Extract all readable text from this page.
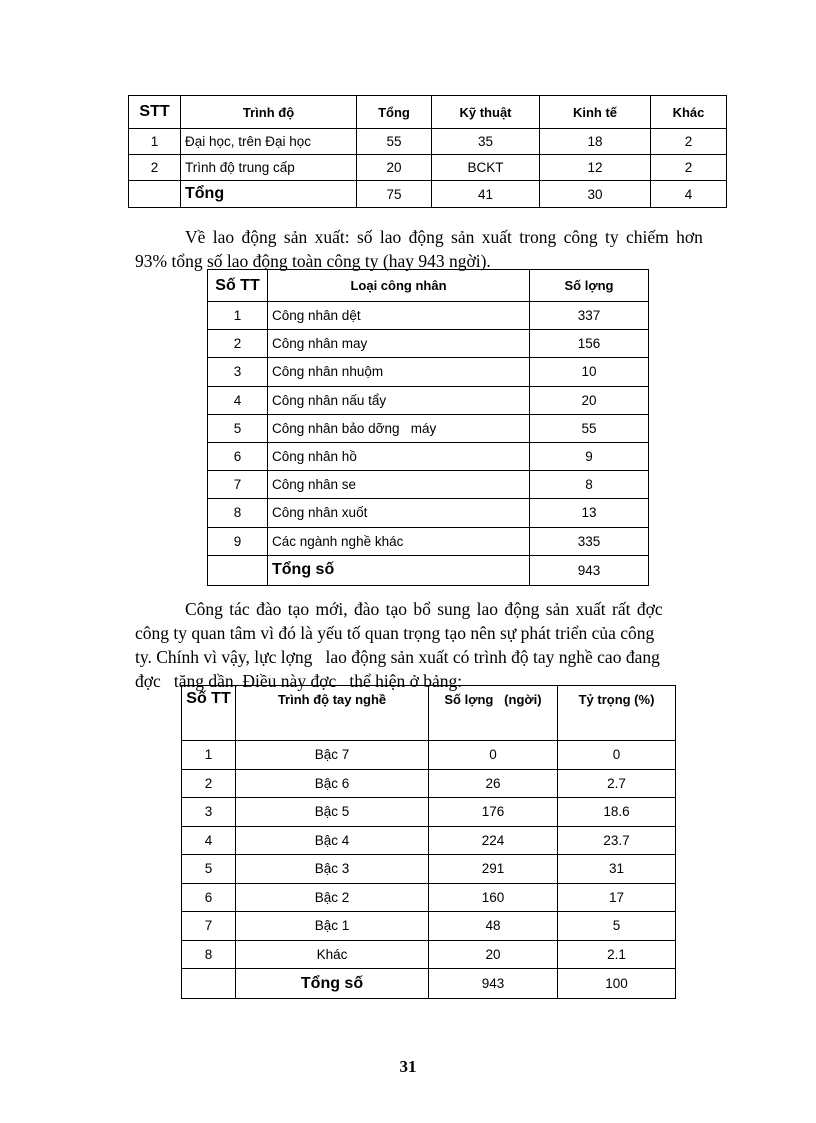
STT	Trình độ	Tổng	Kỹ thuật	Kinh tế	Khác
1	Đại học, trên Đại học	55	35	18	2
2	Trình độ trung cấp	20	BCKT	12	2
	Tổng	75	41	30	4
Về lao động sản xuất: số lao động sản xuất trong công ty chiếm hơn
93% tổng số lao động toàn công ty (hay 943 ngời).
Số TT	Loại công nhân	Số lợng
1	Công nhân dệt	337
2	Công nhân may	156
3	Công nhân nhuộm	10
4	Công nhân nấu tẩy	20
5	Công nhân bảo dỡng   máy	55
6	Công nhân hồ	9
7	Công nhân se	8
8	Công nhân xuốt	13
9	Các ngành nghề khác	335
	Tổng số	943
Công tác đào tạo mới, đào tạo bổ sung lao động sản xuất rất đợc
công ty quan tâm vì đó là yếu tố quan trọng tạo nên sự phát triển của công
ty. Chính vì vậy, lực lợng   lao động sản xuất có trình độ tay nghề cao đang
đợc   tăng dần. Điều này đợc   thể hiện ở bảng:
Số TT	Trình độ tay nghề	Số lợng   (ngời)	Tỷ trọng (%)
1	Bậc 7	0	0
2	Bậc 6	26	2.7
3	Bậc 5	176	18.6
4	Bậc 4	224	23.7
5	Bậc 3	291	31
6	Bậc 2	160	17
7	Bậc 1	48	5
8	Khác	20	2.1
	Tổng số	943	100
31
